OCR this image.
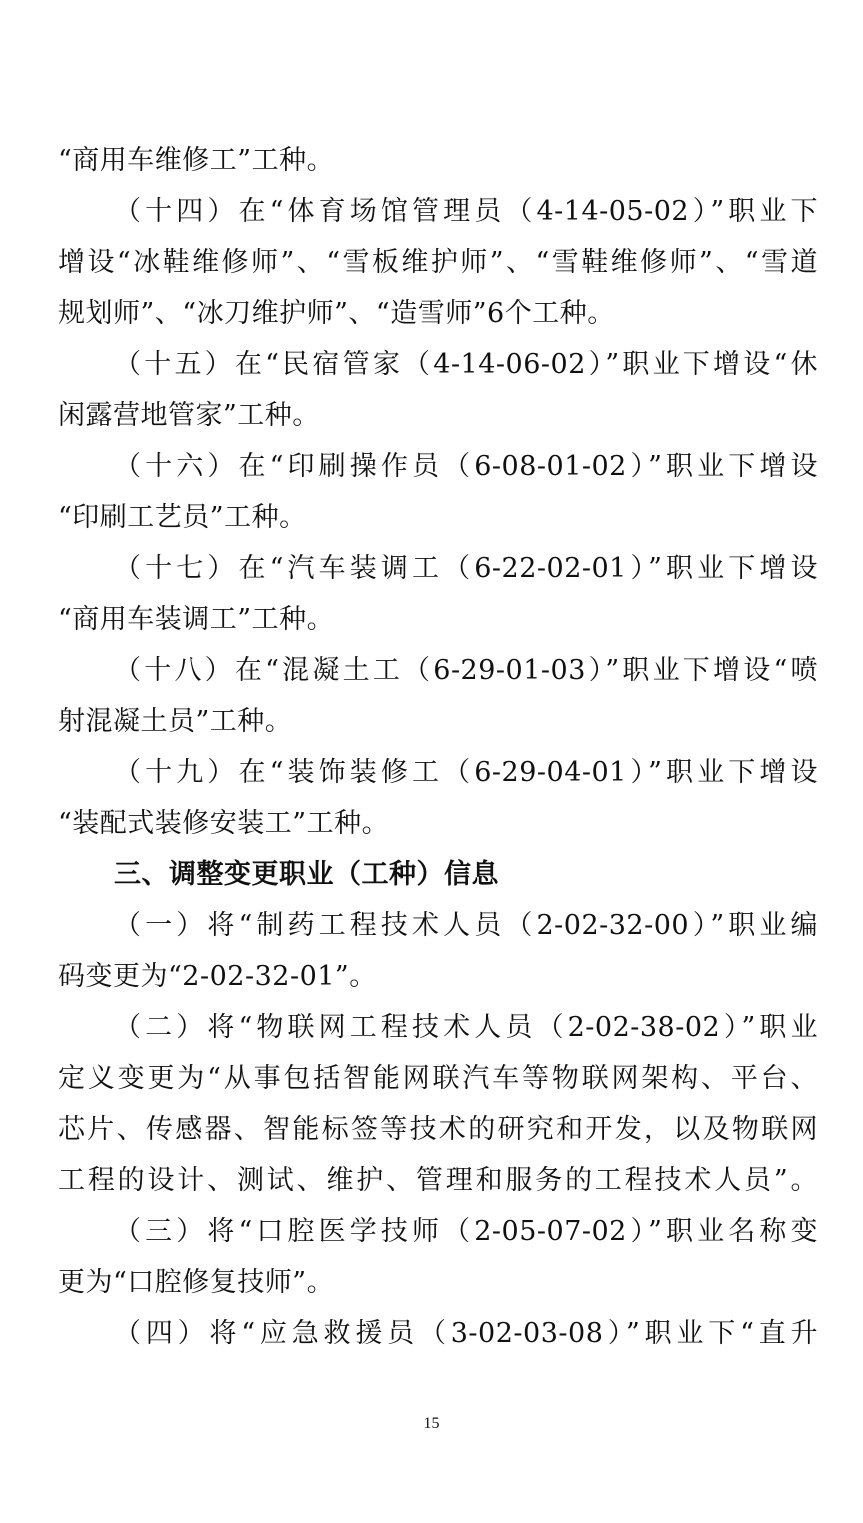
“商用车维修工”工种。
（十四）在“体育场馆管理员（4-14-05-02）”职业下
增设“冰鞋维修师”、“雪板维护师”、“雪鞋维修师”、“雪道
规划师”、“冰刀维护师”、“造雪师”6个工种。
（十五）在“民宿管家（4-14-06-02）”职业下增设“休
闲露营地管家”工种。
（十六）在“印刷操作员（6-08-01-02）”职业下增设
“印刷工艺员”工种。
（十七）在“汽车装调工（6-22-02-01）”职业下增设
“商用车装调工”工种。
（十八）在“混凝土工（6-29-01-03）”职业下增设“喷
射混凝土员”工种。
（十九）在“装饰装修工（6-29-04-01）”职业下增设
“装配式装修安装工”工种。
三、调整变更职业（工种）信息
（一）将“制药工程技术人员（2-02-32-00）”职业编
码变更为“2-02-32-01”。
（二）将“物联网工程技术人员（2-02-38-02）”职业
定义变更为“从事包括智能网联汽车等物联网架构、平台、
芯片、传感器、智能标签等技术的研究和开发，以及物联网
工程的设计、测试、维护、管理和服务的工程技术人员”。
（三）将“口腔医学技师（2-05-07-02）”职业名称变
更为“口腔修复技师”。
（四）将“应急救援员（3-02-03-08）”职业下“直升
15
